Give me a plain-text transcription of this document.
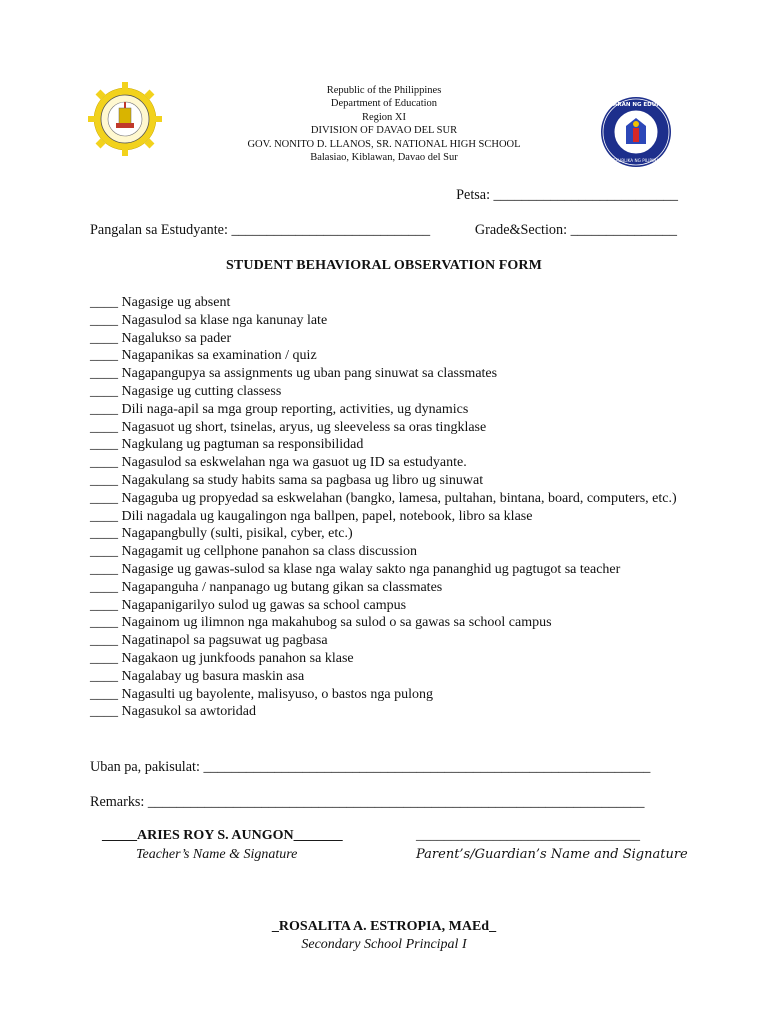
KAGAWARAN NG EDUKASYON
REPUBLIKA NG PILIPINAS
Republic of the Philippines
Department of Education
Region XI
DIVISION OF DAVAO DEL SUR
GOV. NONITO D. LLANOS, SR. NATIONAL HIGH SCHOOL
Balasiao, Kiblawan, Davao del Sur
Petsa: __________________________
Pangalan sa Estudyante: ____________________________	Grade&Section: _______________
STUDENT BEHAVIORAL OBSERVATION FORM
____ Nagasige ug absent
____ Nagasulod sa klase nga kanunay late
____ Nagalukso sa pader
____ Nagapanikas sa examination / quiz
____ Nagapangupya sa assignments ug uban pang sinuwat sa classmates
____ Nagasige ug cutting classess
____ Dili naga-apil sa mga group reporting, activities, ug dynamics
____ Nagasuot ug short, tsinelas, aryus, ug sleeveless sa oras tingklase
____ Nagkulang ug pagtuman sa responsibilidad
____ Nagasulod sa eskwelahan nga wa gasuot ug ID sa estudyante.
____ Nagakulang sa study habits sama sa pagbasa ug libro ug sinuwat
____ Nagaguba ug propyedad sa eskwelahan (bangko, lamesa, pultahan, bintana, board, computers, etc.)
____ Dili nagadala ug kaugalingon nga ballpen, papel, notebook, libro sa klase
____ Nagapangbully (sulti, pisikal, cyber, etc.)
____ Nagagamit ug cellphone panahon sa class discussion
____ Nagasige ug gawas-sulod sa klase nga walay sakto nga pananghid ug pagtugot sa teacher
____ Nagapanguha / nanpanago ug butang gikan sa classmates
____ Nagapanigarilyo sulod ug gawas sa school campus
____ Nagainom ug ilimnon nga makahubog sa sulod o sa gawas sa school campus
____ Nagatinapol sa pagsuwat ug pagbasa
____ Nagakaon ug junkfoods panahon sa klase
____ Nagalabay ug basura maskin asa
____ Nagasulti ug bayolente, malisyuso, o bastos nga pulong
____ Nagasukol sa awtoridad
Uban pa, pakisulat: _______________________________________________________________
Remarks: ______________________________________________________________________
_____ARIES ROY S. AUNGON_______	________________________________
Teacher’s Name & Signature	Parent’s/Guardian’s Name and Signature
_ROSALITA A. ESTROPIA, MAEd_
Secondary School Principal I
